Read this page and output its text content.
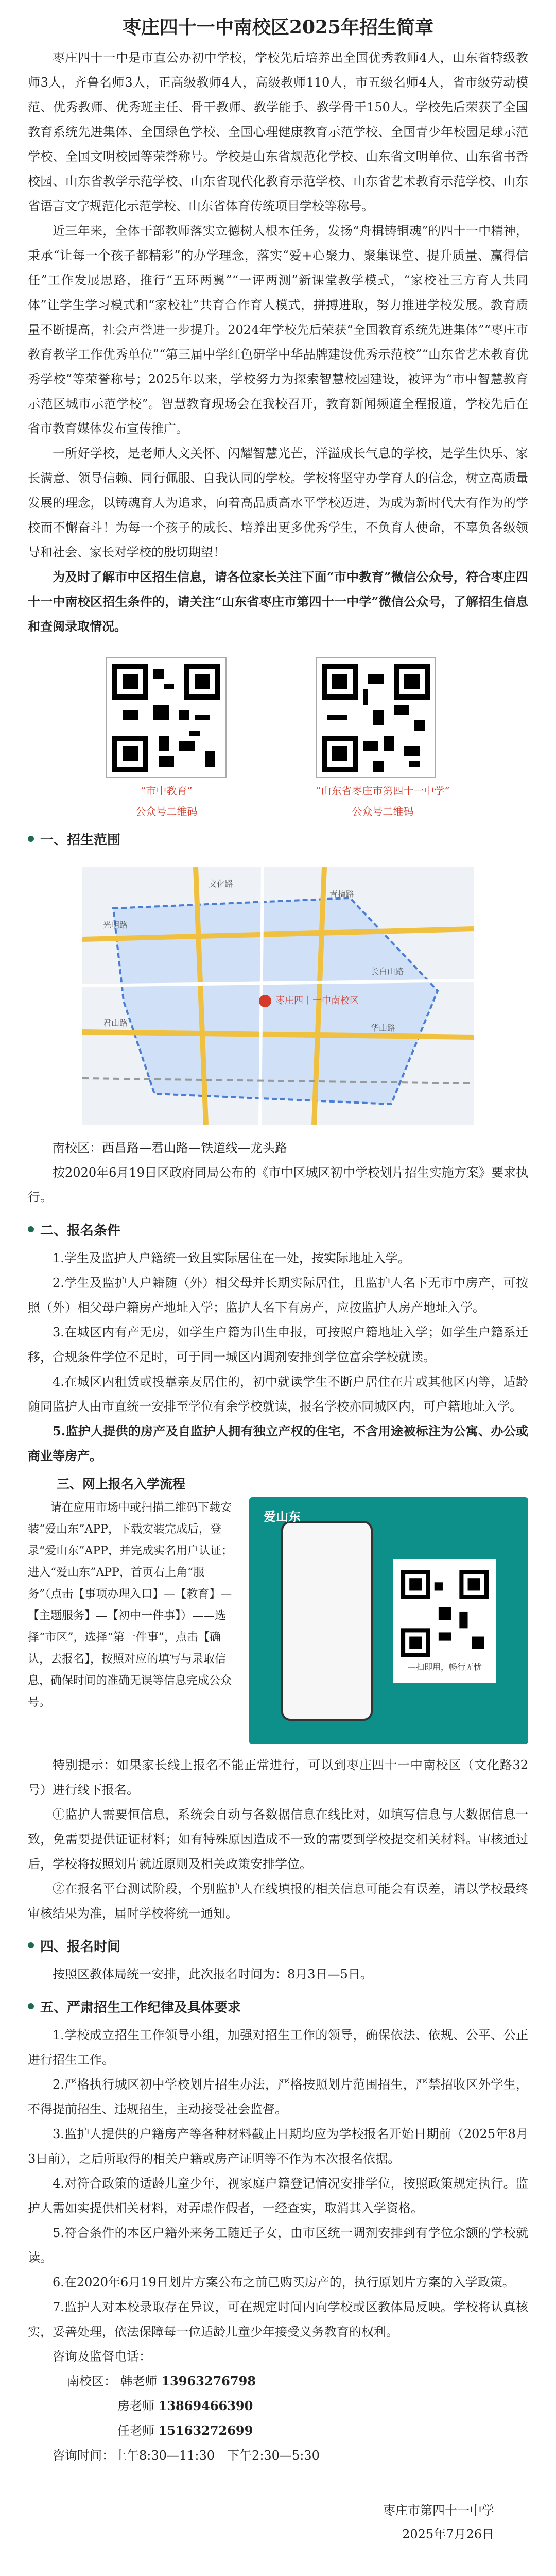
枣庄四十一中南校区2025年招生简章

枣庄四十一中是市直公办初中学校，学校先后培养出全国优秀教师4人，山东省特级教师3人，齐鲁名师3人，正高级教师4人，高级教师110人，市五级名师4人，省市级劳动模范、优秀教师、优秀班主任、骨干教师、教学能手、教学骨干150人。学校先后荣获了全国教育系统先进集体、全国绿色学校、全国心理健康教育示范学校、全国青少年校园足球示范学校、全国文明校园等荣誉称号。学校是山东省规范化学校、山东省文明单位、山东省书香校园、山东省教学示范学校、山东省现代化教育示范学校、山东省艺术教育示范学校、山东省语言文字规范化示范学校、山东省体育传统项目学校等称号。

近三年来，全体干部教师落实立德树人根本任务，发扬“舟楫铸铜魂”的四十一中精神，秉承“让每一个孩子都精彩”的办学理念，落实“爱+心聚力、聚集课堂、提升质量、赢得信任”工作发展思路，推行“五环两翼”“一评两测”新课堂教学模式，“家校社三方育人共同体”让学生学习模式和“家校社”共育合作育人模式，拼搏进取，努力推进学校发展。教育质量不断提高，社会声誉进一步提升。2024年学校先后荣获“全国教育系统先进集体”“枣庄市教育教学工作优秀单位”“第三届中学红色研学中华品牌建设优秀示范校”“山东省艺术教育优秀学校”等荣誉称号；2025年以来，学校努力为探索智慧校园建设，被评为“市中智慧教育示范区城市示范学校”。智慧教育现场会在我校召开，教育新闻频道全程报道，学校先后在省市教育媒体发布宣传推广。

一所好学校，是老师人文关怀、闪耀智慧光芒，洋溢成长气息的学校，是学生快乐、家长满意、领导信赖、同行佩服、自我认同的学校。学校将坚守办学育人的信念，树立高质量发展的理念，以铸魂育人为追求，向着高品质高水平学校迈进，为成为新时代大有作为的学校而不懈奋斗！为每一个孩子的成长、培养出更多优秀学生，不负育人使命，不辜负各级领导和社会、家长对学校的殷切期望！

为及时了解市中区招生信息，请各位家长关注下面“市中教育”微信公众号，符合枣庄四十一中南校区招生条件的，请关注“山东省枣庄市第四十一中学”微信公众号，了解招生信息和查阅录取情况。

“市中教育”
公众号二维码
“山东省枣庄市第四十一中学”
公众号二维码
一、招生范围
枣庄四十一中南校区
光明路
君山路
文化路
青檀路
长白山路
华山路

南校区：西昌路—君山路—铁道线—龙头路

按2020年6月19日区政府同局公布的《市中区城区初中学校划片招生实施方案》要求执行。

二、报名条件

1.学生及监护人户籍统一致且实际居住在一处，按实际地址入学。

2.学生及监护人户籍随（外）相父母并长期实际居住，且监护人名下无市中房产，可按照（外）相父母户籍房产地址入学；监护人名下有房产，应按监护人房产地址入学。

3.在城区内有产无房，如学生户籍为出生申报，可按照户籍地址入学；如学生户籍系迁移，合规条件学位不足时，可于同一城区内调剂安排到学位富余学校就读。

4.在城区内租赁或投靠亲友居住的，初中就读学生不断户居住在片或其他区内等，适龄随同监护人由市直统一安排至学位有余学校就读，报名学校亦同城区内，可户籍地址入学。

5.监护人提供的房产及自监护人拥有独立产权的住宅，不含用途被标注为公寓、办公或商业等房产。

三、网上报名入学流程
请在应用市场中或扫描二维码下载安装“爱山东”APP，下载安装完成后，登录“爱山东”APP，并完成实名用户认证；进入“爱山东”APP，首页右上角“服务”（点击【事项办理入口】—【教育】—【主题服务】—【初中一件事】）——选择“市区”，选择“第一件事”，点击【确认，去报名】，按照对应的填写与录取信息，确保时间的准确无误等信息完成公众号。
爱山东
—扫即用，畅行无忧

特别提示：如果家长线上报名不能正常进行，可以到枣庄四十一中南校区（文化路32号）进行线下报名。

①监护人需要恒信息，系统会自动与各数据信息在线比对，如填写信息与大数据信息一致，免需要提供证证材料；如有特殊原因造成不一致的需要到学校提交相关材料。审核通过后，学校将按照划片就近原则及相关政策安排学位。

②在报名平台测试阶段，个别监护人在线填报的相关信息可能会有误差，请以学校最终审核结果为准，届时学校将统一通知。

四、报名时间

按照区教体局统一安排，此次报名时间为：8月3日—5日。

五、严肃招生工作纪律及具体要求

1.学校成立招生工作领导小组，加强对招生工作的领导，确保依法、依规、公平、公正进行招生工作。

2.严格执行城区初中学校划片招生办法，严格按照划片范围招生，严禁招收区外学生，不得提前招生、违规招生，主动接受社会监督。

3.监护人提供的户籍房产等各种材料截止日期均应为学校报名开始日期前（2025年8月3日前），之后所取得的相关户籍或房产证明等不作为本次报名依据。

4.对符合政策的适龄儿童少年，视家庭户籍登记情况安排学位，按照政策规定执行。监护人需如实提供相关材料，对弄虚作假者，一经查实，取消其入学资格。

5.符合条件的本区户籍外来务工随迁子女，由市区统一调剂安排到有学位余额的学校就读。

6.在2020年6月19日划片方案公布之前已购买房产的，执行原划片方案的入学政策。

7.监护人对本校录取存在异议，可在规定时间内向学校或区教体局反映。学校将认真核实，妥善处理，依法保障每一位适龄儿童少年接受义务教育的权利。

咨询及监督电话：

南校区： 韩老师 13963276798
房老师 13869466390
任老师 15163272699

咨询时间：上午8:30—11:30　下午2:30—5:30

枣庄市第四十一中学
2025年7月26日
